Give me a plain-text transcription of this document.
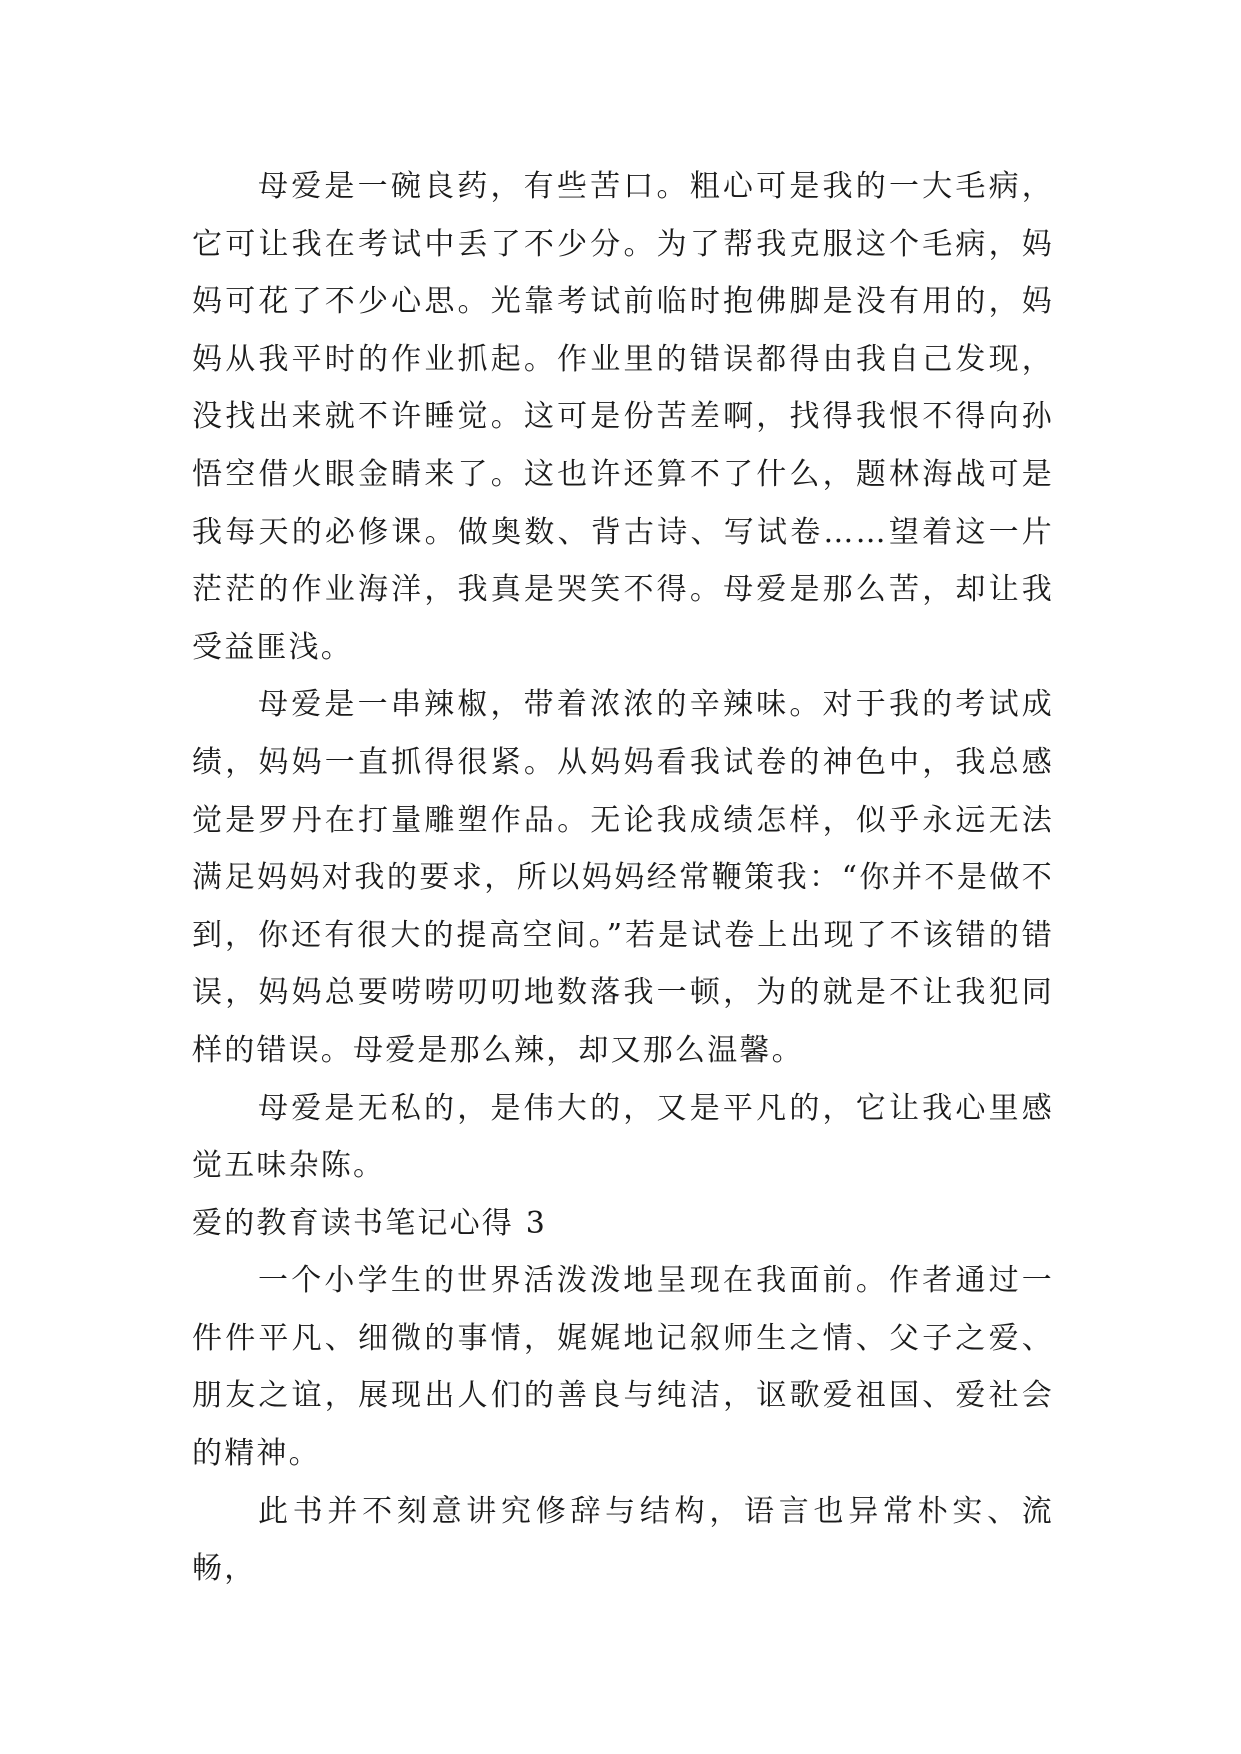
母爱是一碗良药，有些苦口。粗心可是我的一大毛病，它可让我在考试中丢了不少分。为了帮我克服这个毛病，妈妈可花了不少心思。光靠考试前临时抱佛脚是没有用的，妈妈从我平时的作业抓起。作业里的错误都得由我自己发现，没找出来就不许睡觉。这可是份苦差啊，找得我恨不得向孙悟空借火眼金睛来了。这也许还算不了什么，题林海战可是我每天的必修课。做奥数、背古诗、写试卷……望着这一片茫茫的作业海洋，我真是哭笑不得。母爱是那么苦，却让我受益匪浅。

母爱是一串辣椒，带着浓浓的辛辣味。对于我的考试成绩，妈妈一直抓得很紧。从妈妈看我试卷的神色中，我总感觉是罗丹在打量雕塑作品。无论我成绩怎样，似乎永远无法满足妈妈对我的要求，所以妈妈经常鞭策我：“你并不是做不到，你还有很大的提高空间。”若是试卷上出现了不该错的错误，妈妈总要唠唠叨叨地数落我一顿，为的就是不让我犯同样的错误。母爱是那么辣，却又那么温馨。

母爱是无私的，是伟大的，又是平凡的，它让我心里感觉五味杂陈。

爱的教育读书笔记心得 3

一个小学生的世界活泼泼地呈现在我面前。作者通过一件件平凡、细微的事情，娓娓地记叙师生之情、父子之爱、朋友之谊，展现出人们的善良与纯洁，讴歌爱祖国、爱社会的精神。

此书并不刻意讲究修辞与结构，语言也异常朴实、流畅，
